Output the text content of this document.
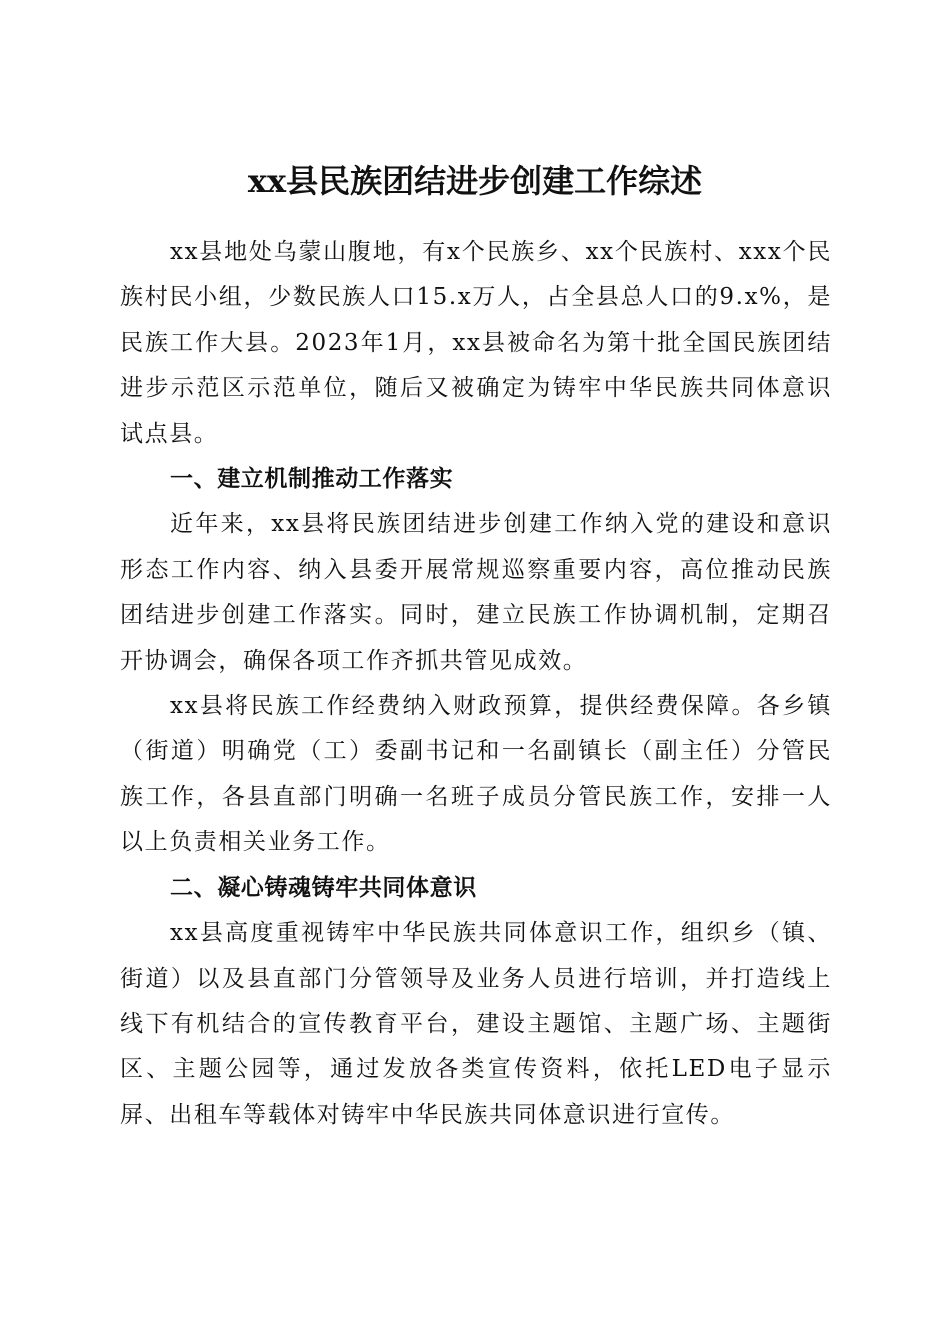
xx县民族团结进步创建工作综述

xx县地处乌蒙山腹地，有x个民族乡、xx个民族村、xxx个民族村民小组，少数民族人口15.x万人，占全县总人口的9.x%，是民族工作大县。2023年1月，xx县被命名为第十批全国民族团结进步示范区示范单位，随后又被确定为铸牢中华民族共同体意识试点县。

一、建立机制推动工作落实

近年来，xx县将民族团结进步创建工作纳入党的建设和意识形态工作内容、纳入县委开展常规巡察重要内容，高位推动民族团结进步创建工作落实。同时，建立民族工作协调机制，定期召开协调会，确保各项工作齐抓共管见成效。

xx县将民族工作经费纳入财政预算，提供经费保障。各乡镇（街道）明确党（工）委副书记和一名副镇长（副主任）分管民族工作，各县直部门明确一名班子成员分管民族工作，安排一人以上负责相关业务工作。

二、凝心铸魂铸牢共同体意识

xx县高度重视铸牢中华民族共同体意识工作，组织乡（镇、街道）以及县直部门分管领导及业务人员进行培训，并打造线上线下有机结合的宣传教育平台，建设主题馆、主题广场、主题街区、主题公园等，通过发放各类宣传资料，依托LED电子显示屏、出租车等载体对铸牢中华民族共同体意识进行宣传。
